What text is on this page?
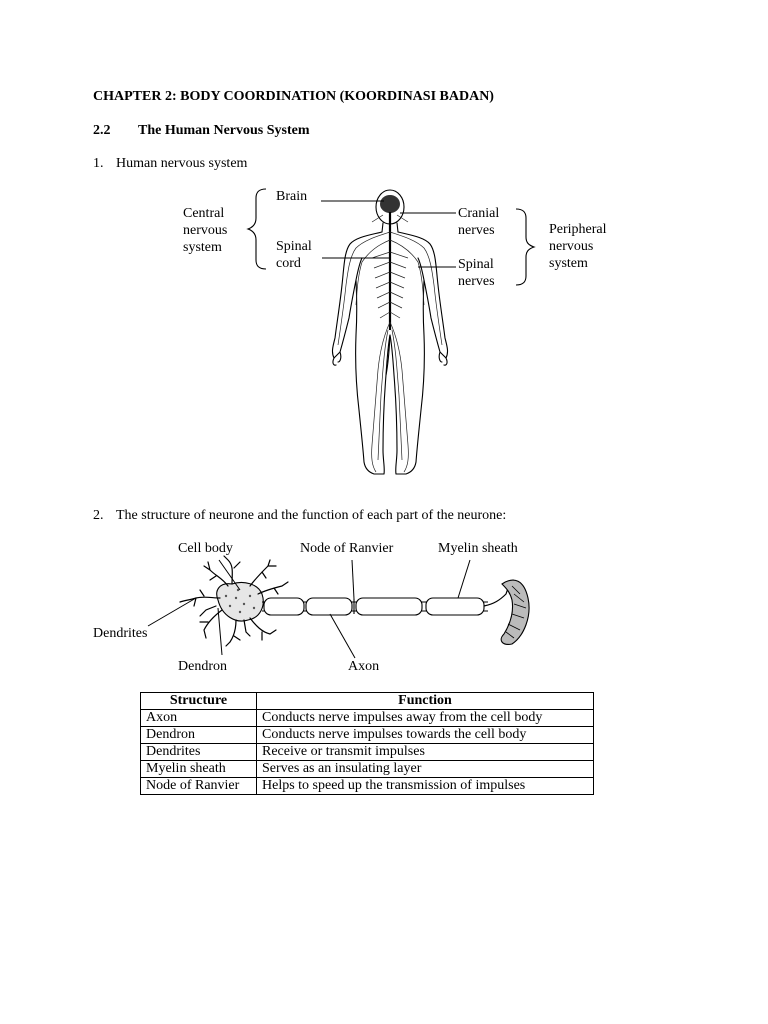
CHAPTER 2: BODY COORDINATION (KOORDINASI BADAN)
2.2 The Human Nervous System
1. Human nervous system
Central
nervous
system
Brain
Spinal
cord
Cranial
nerves
Spinal
nerves
Peripheral
nervous
system
2. The structure of neurone and the function of each part of the neurone:
Cell body	Node of Ranvier	Myelin sheath
Dendrites
Dendron	Axon
Structure	Function
Axon	Conducts nerve impulses away from the cell body
Dendron	Conducts nerve impulses towards the cell body
Dendrites	Receive or transmit impulses
Myelin sheath	Serves as an insulating layer
Node of Ranvier	Helps to speed up the transmission of impulses
